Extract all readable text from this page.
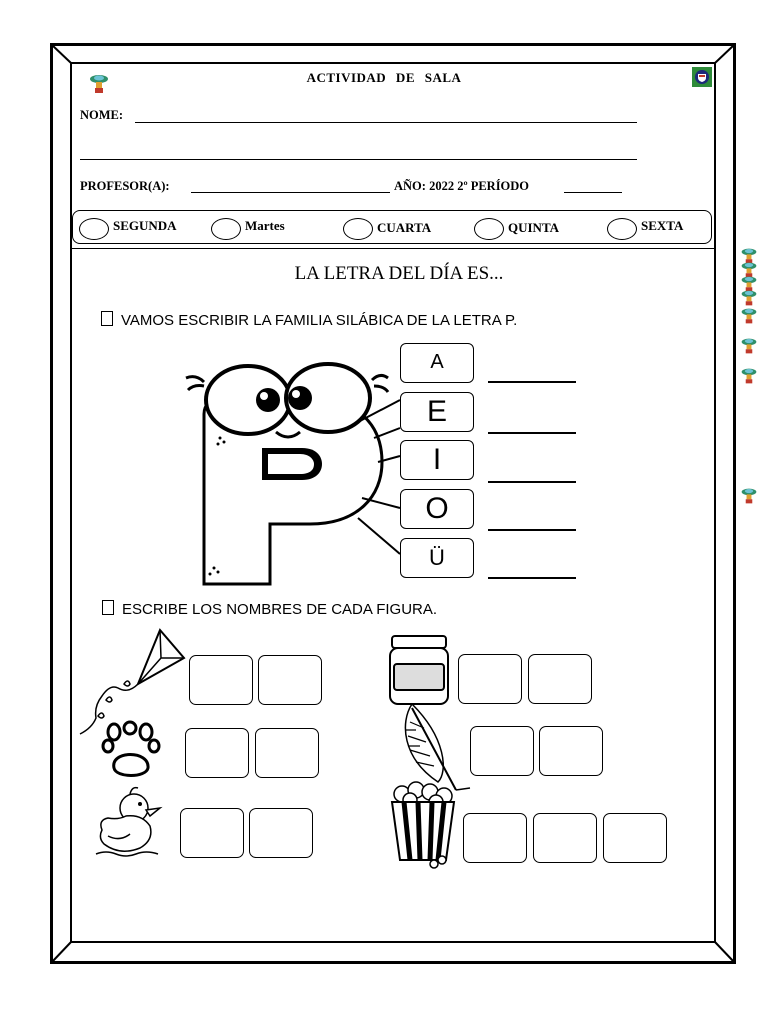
ACTIVIDAD DE SALA
NOME:
PROFESOR(A):	AÑO: 2022 2º PERÍODO
SEGUNDA	Martes	CUARTA	QUINTA	SEXTA
LA LETRA DEL DÍA ES...
VAMOS ESCRIBIR LA FAMILIA SILÁBICA DE LA LETRA P.
A
E
I
O
Ü
ESCRIBE LOS NOMBRES DE CADA FIGURA.
